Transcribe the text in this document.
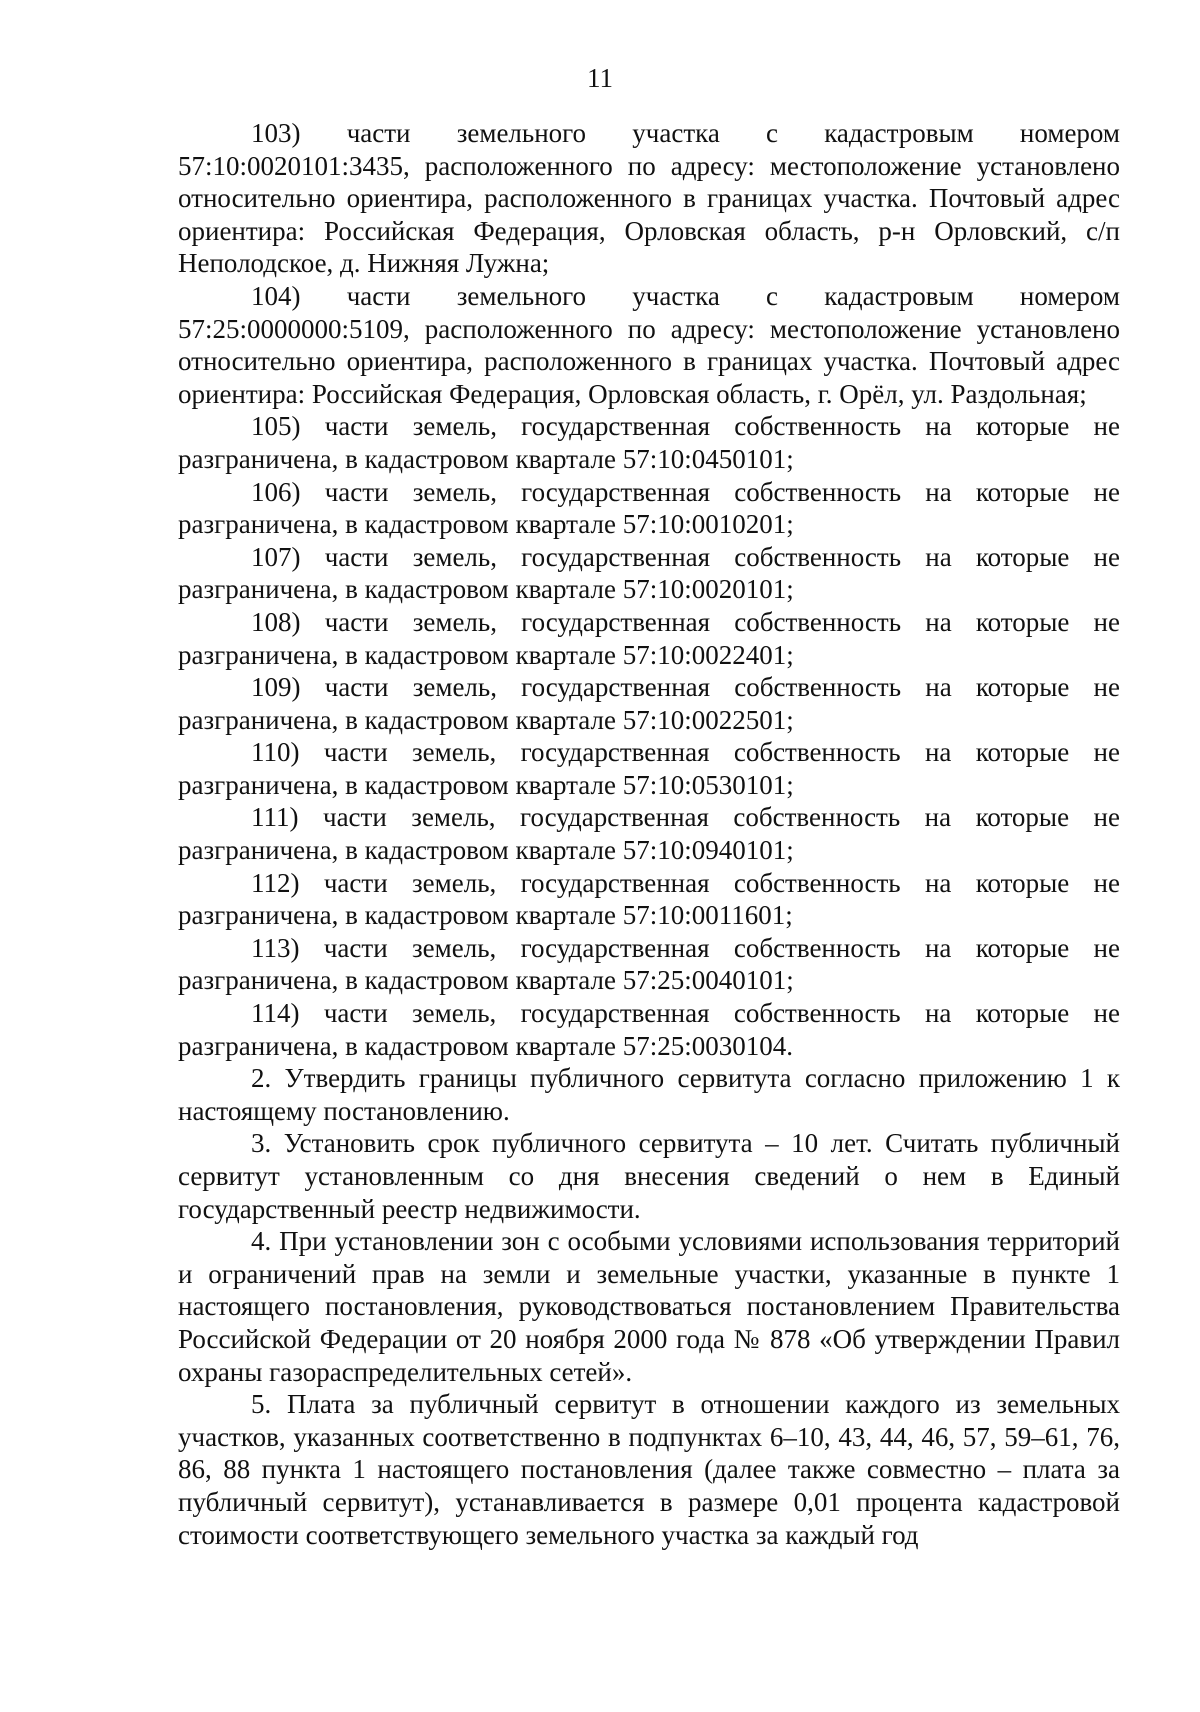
11

103) части земельного участка с кадастровым номером 57:10:0020101:3435, расположенного по адресу: местоположение установлено относительно ориентира, расположенного в границах участка. Почтовый адрес ориентира: Российская Федерация, Орловская область, р-н Орловский, с/п Неполодское, д. Нижняя Лужна;

104) части земельного участка с кадастровым номером 57:25:0000000:5109, расположенного по адресу: местоположение установлено относительно ориентира, расположенного в границах участка. Почтовый адрес ориентира: Российская Федерация, Орловская область, г. Орёл, ул. Раздольная;

105) части земель, государственная собственность на которые не разграничена, в кадастровом квартале 57:10:0450101;

106) части земель, государственная собственность на которые не разграничена, в кадастровом квартале 57:10:0010201;

107) части земель, государственная собственность на которые не разграничена, в кадастровом квартале 57:10:0020101;

108) части земель, государственная собственность на которые не разграничена, в кадастровом квартале 57:10:0022401;

109) части земель, государственная собственность на которые не разграничена, в кадастровом квартале 57:10:0022501;

110) части земель, государственная собственность на которые не разграничена, в кадастровом квартале 57:10:0530101;

111) части земель, государственная собственность на которые не разграничена, в кадастровом квартале 57:10:0940101;

112) части земель, государственная собственность на которые не разграничена, в кадастровом квартале 57:10:0011601;

113) части земель, государственная собственность на которые не разграничена, в кадастровом квартале 57:25:0040101;

114) части земель, государственная собственность на которые не разграничена, в кадастровом квартале 57:25:0030104.

2. Утвердить границы публичного сервитута согласно приложению 1 к настоящему постановлению.

3. Установить срок публичного сервитута – 10 лет. Считать публичный сервитут установленным со дня внесения сведений о нем в Единый государственный реестр недвижимости.

4. При установлении зон с особыми условиями использования территорий и ограничений прав на земли и земельные участки, указанные в пункте 1 настоящего постановления, руководствоваться постановлением Правительства Российской Федерации от 20 ноября 2000 года № 878 «Об утверждении Правил охраны газораспределительных сетей».

5. Плата за публичный сервитут в отношении каждого из земельных участков, указанных соответственно в подпунктах 6–10, 43, 44, 46, 57, 59–61, 76, 86, 88 пункта 1 настоящего постановления (далее также совместно – плата за публичный сервитут), устанавливается в размере 0,01 процента кадастровой стоимости соответствующего земельного участка за каждый год
